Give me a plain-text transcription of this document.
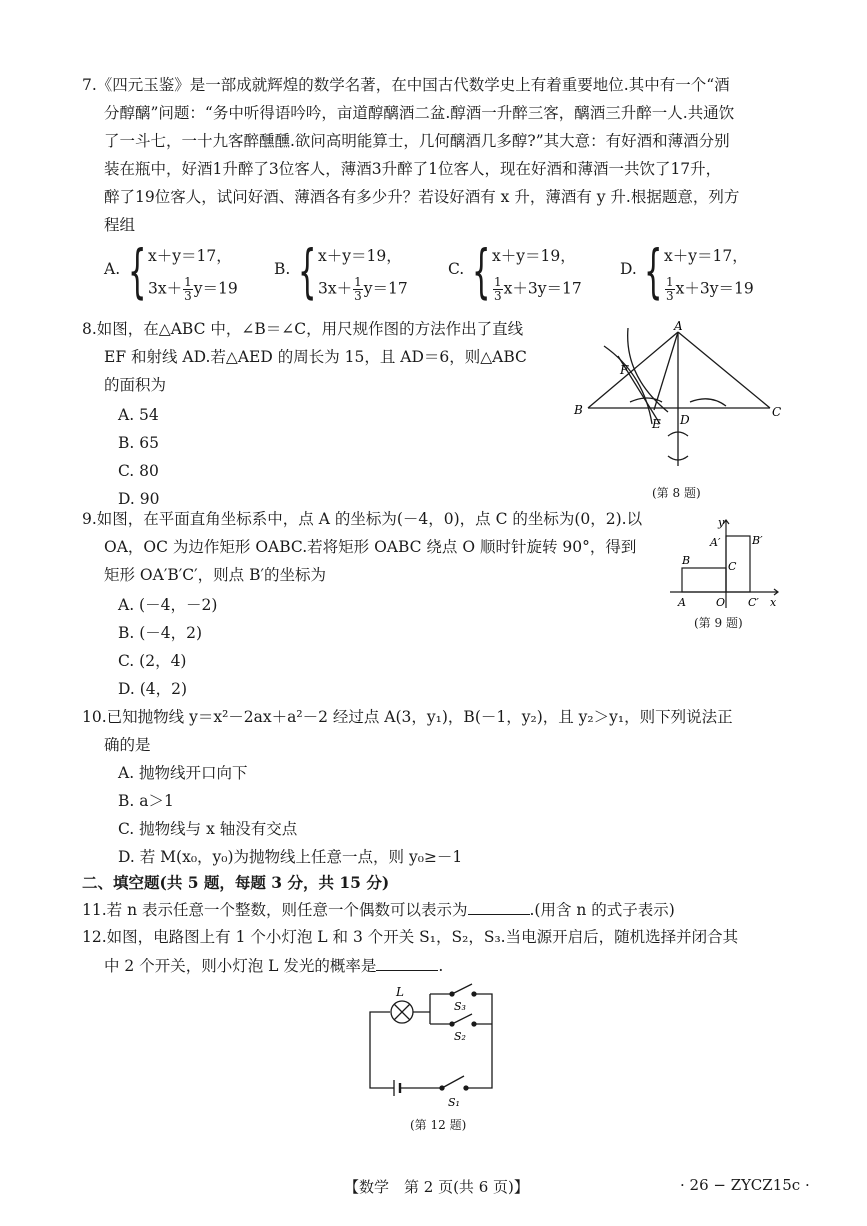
7.《四元玉鉴》是一部成就辉煌的数学名著，在中国古代数学史上有着重要地位.其中有一个“酒
分醇醨”问题：“务中听得语吟吟，亩道醇醨酒二盆.醇酒一升醉三客，醨酒三升醉一人.共通饮
了一斗七，一十九客醉醺醺.欲问高明能算士，几何醨酒几多醇?”其大意：有好酒和薄酒分别
装在瓶中，好酒1升醉了3位客人，薄酒3升醉了1位客人，现在好酒和薄酒一共饮了17升，
醉了19位客人，试问好酒、薄酒各有多少升？若设好酒有 x 升，薄酒有 y 升.根据题意，列方
程组
A. { x＋y＝17，
$3x+ \frac{1}{3} y=19$
B. { x＋y＝19，
$3x+ \frac{1}{3} y=17$
C. { x＋y＝19，
$\frac{1}{3} x+3y=17$
D. { x＋y＝17，
$\frac{1}{3} x+3y=19$
8.如图，在△ABC 中，∠B＝∠C，用尺规作图的方法作出了直线
EF 和射线 AD.若△AED 的周长为 15，且 AD＝6，则△ABC
的面积为
A. 54
B. 65
C. 80
D. 90
A
B	C
D
E
F
(第 8 题)
9.如图，在平面直角坐标系中，点 A 的坐标为(－4，0)，点 C 的坐标为(0，2).以
OA，OC 为边作矩形 OABC.若将矩形 OABC 绕点 O 顺时针旋转 90°，得到
矩形 OA′B′C′，则点 B′的坐标为
A. (－4，－2)
B. (－4，2)
C. (2，4)
D. (4，2)
y
x
A′	B′
B	C
A	O C′
(第 9 题)
10.已知抛物线 y＝x²－2ax＋a²－2 经过点 A(3，y₁)，B(－1，y₂)，且 y₂＞y₁，则下列说法正
确的是
A. 抛物线开口向下
B. a＞1
C. 抛物线与 x 轴没有交点
D. 若 M(x₀，y₀)为抛物线上任意一点，则 y₀≥－1
二、填空题(共 5 题，每题 3 分，共 15 分)
11.若 n 表示任意一个整数，则任意一个偶数可以表示为	.(用含 n 的式子表示)
12.如图，电路图上有 1 个小灯泡 L 和 3 个开关 S₁，S₂，S₃.当电源开启后，随机选择并闭合其
中 2 个开关，则小灯泡 L 发光的概率是	.
L
S₃
S₂
S₁
(第 12 题)
【数学　第 2 页(共 6 页)】	· 26 − ZYCZ15c ·
